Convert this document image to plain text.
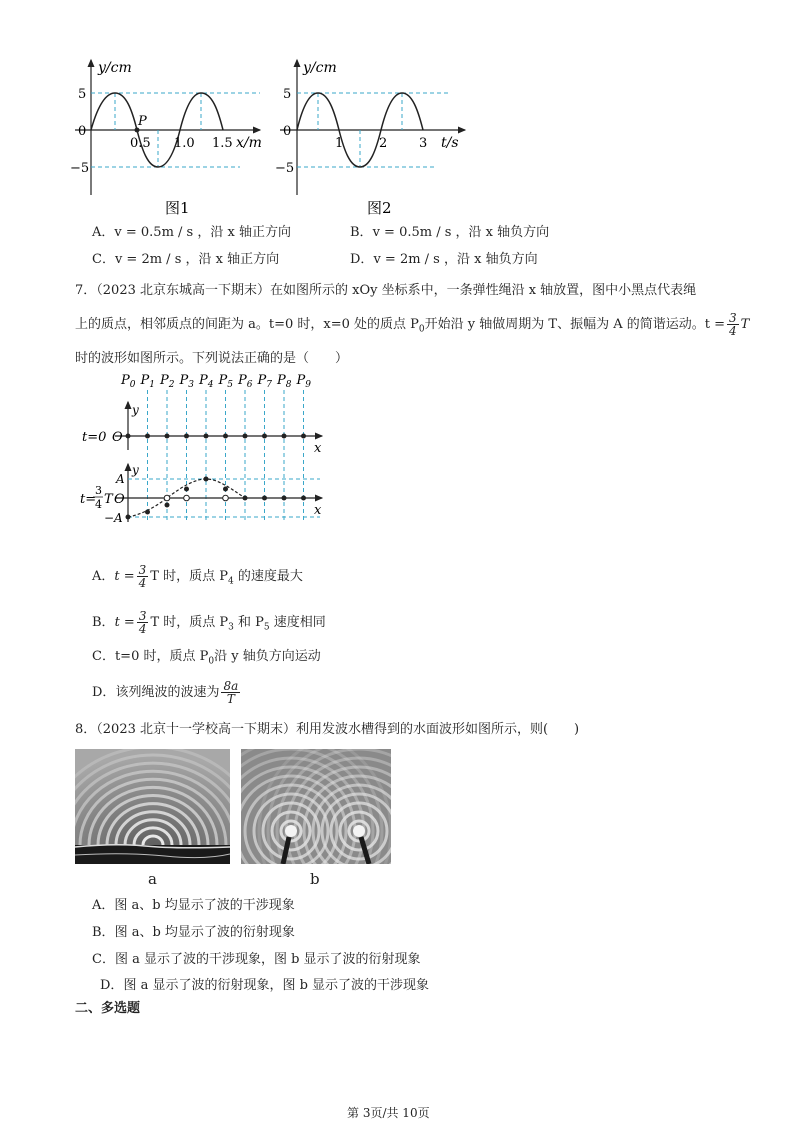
y/cm
5
0
−5
P
0.5 1.0 1.5 x/m
图1
y/cm
5
0
−5
1	2 3 t/s
图2
A．v = 0.5m / s ，沿 x 轴正方向	B．v = 0.5m / s ，沿 x 轴负方向
C．v = 2m / s ，沿 x 轴正方向	D．v = 2m / s ，沿 x 轴负方向
7．（2023 北京东城高一下期末）在如图所示的 xOy 坐标系中，一条弹性绳沿 x 轴放置，图中小黑点代表绳
上的质点，相邻质点的间距为 a。t=0 时，x=0 处的质点 $P_0$开始沿 y 轴做周期为 T、振幅为 A 的简谐运动。$t = \frac{3}{4}$ T
时的波形如图所示。下列说法正确的是（　　）
$P_0$ $P_1$ $P_2$ $P_3$ $P_4$ $P_5$ $P_6$ $P_7$ $P_8$ $P_9$
t=0 O
x
y
y
x
A
O
−A
t=
3
4 T
A．$t = \frac{3}{4}$ T 时，质点 $P_4$ 的速度最大
B．$t = \frac{3}{4}$ T 时，质点 $P_3$ 和 $P_5$ 速度相同
C．t=0 时，质点 $P_0$沿 y 轴负方向运动
D．该列绳波的波速为 $\frac{8a}{T}$
8．（2023 北京十一学校高一下期末）利用发波水槽得到的水面波形如图所示，则(　　)
a	b
A．图 a、b 均显示了波的干涉现象
B．图 a、b 均显示了波的衍射现象
C．图 a 显示了波的干涉现象，图 b 显示了波的衍射现象
D．图 a 显示了波的衍射现象，图 b 显示了波的干涉现象
二、多选题
第 3页/共 10页
